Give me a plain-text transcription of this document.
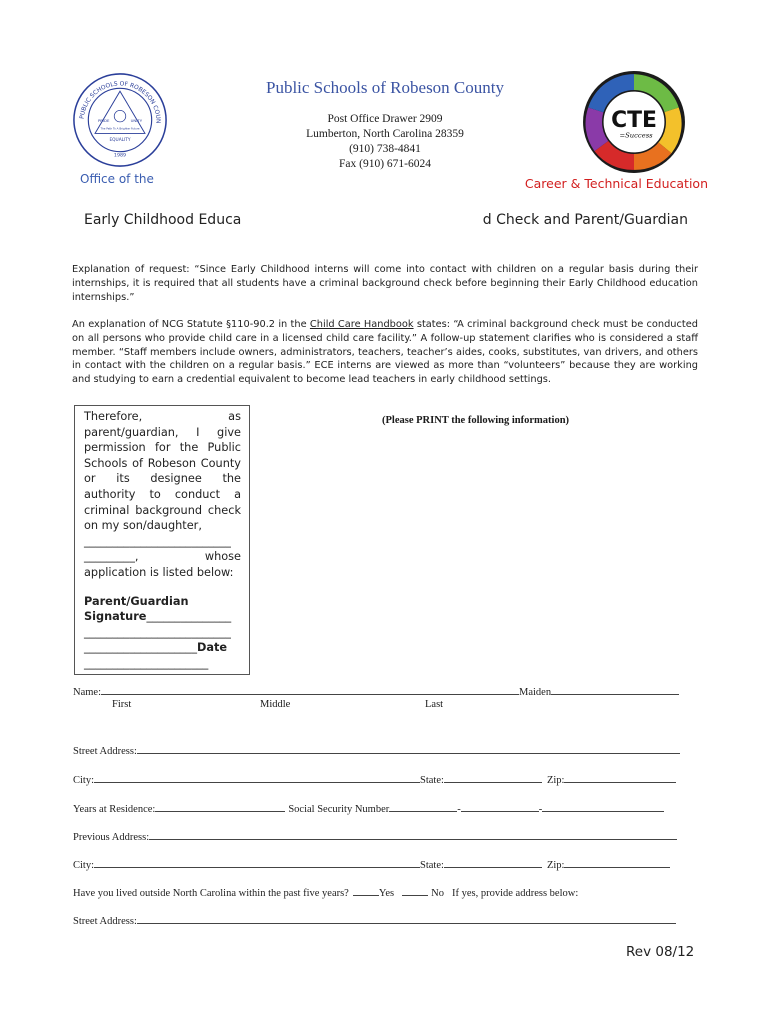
PUBLIC SCHOOLS OF ROBESON COUN
PRIDE	UNITY
The Path To A Brighter Future
EQUALITY
1989
Public Schools of Robeson County
Post Office Drawer 2909
Lumberton, North Carolina 28359
(910) 738-4841
Fax (910) 671-6024
Office of the
CTE
=Success
Career & Technical Education
Early Childhood Educa	d Check and Parent/Guardian
Explanation of request: “Since Early Childhood interns will come into contact with children on a regular basis during their internships, it is required that all students have a criminal background check before beginning their Early Childhood education internships.”
An explanation of NCG Statute §110-90.2 in the Child Care Handbook states: “A criminal background check must be conducted on all persons who provide child care in a licensed child care facility.” A follow-up statement clarifies who is considered a staff member. “Staff members include owners, administrators, teachers, teacher’s aides, cooks, substitutes, van drivers, and others in contact with the children on a regular basis.” ECE interns are viewed as more than “volunteers” because they are working and studying to earn a credential equivalent to become lead teachers in early childhood settings.
Therefore, as parent/guardian, I give permission for the Public Schools of Robeson County or its designee the authority to conduct a criminal background check on my son/daughter,
__________________________
_________,	whose
application is listed below:
Parent/Guardian
Signature_______________
__________________________
____________________Date
______________________
(Please PRINT the following information)
Name:	Maiden
First	Middle	Last
Street Address:
City:	State:	Zip:
Years at Residence:	Social Security Number	-	-
Previous Address:
City:	State:	Zip:
Have you lived outside North Carolina within the past five years?	Yes	No If yes, provide address below:
Street Address:
Rev 08/12
